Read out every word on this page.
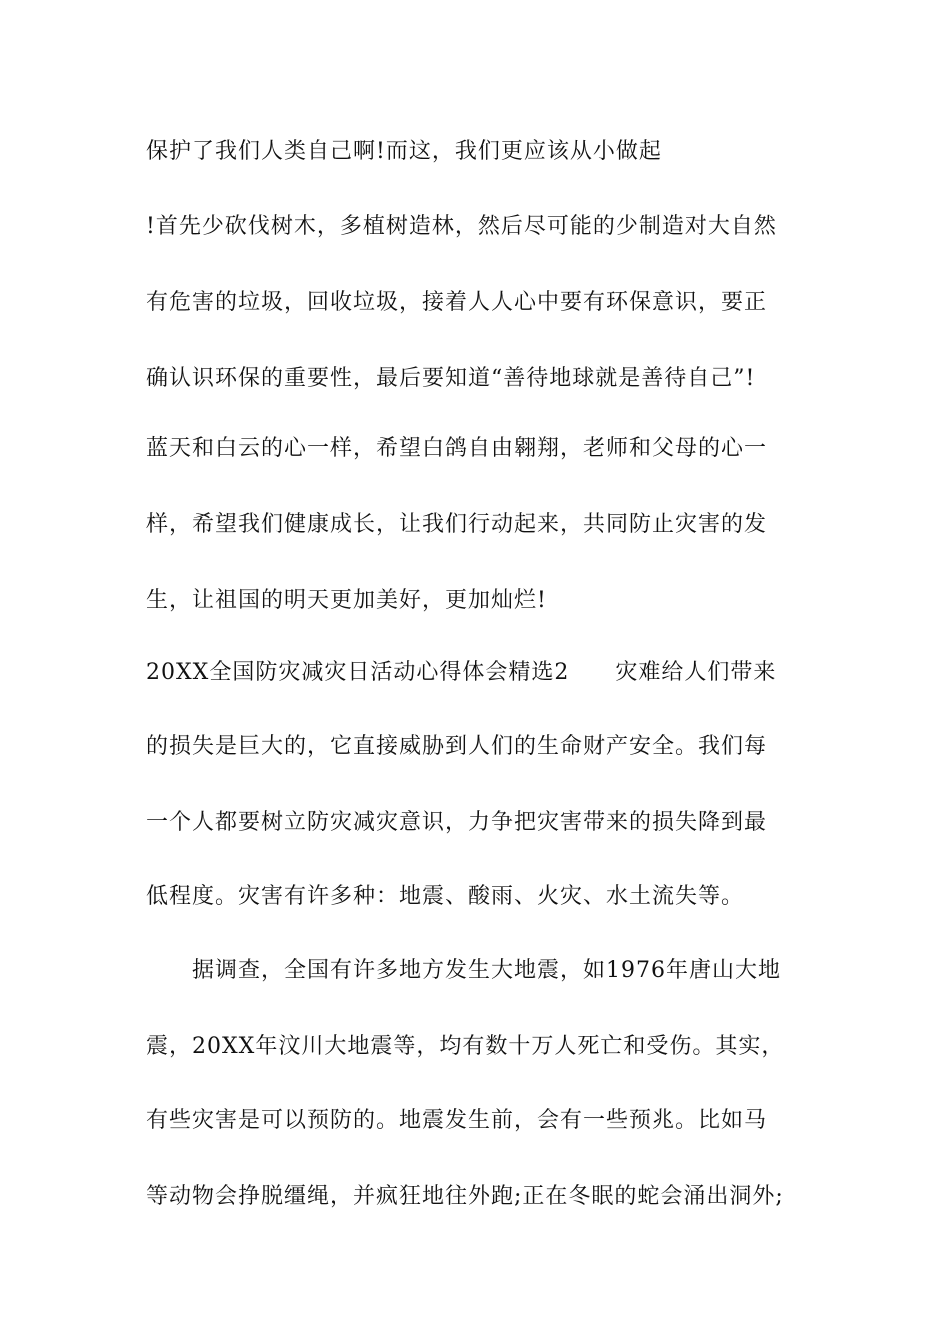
保护了我们人类自己啊!而这，我们更应该从小做起
!首先少砍伐树木，多植树造林，然后尽可能的少制造对大自然
有危害的垃圾，回收垃圾，接着人人心中要有环保意识，要正
确认识环保的重要性，最后要知道“善待地球就是善待自己”!
蓝天和白云的心一样，希望白鸽自由翱翔，老师和父母的心一
样，希望我们健康成长，让我们行动起来，共同防止灾害的发
生，让祖国的明天更加美好，更加灿烂!
20XX全国防灾减灾日活动心得体会精选2　　灾难给人们带来
的损失是巨大的，它直接威胁到人们的生命财产安全。我们每
一个人都要树立防灾减灾意识，力争把灾害带来的损失降到最
低程度。灾害有许多种：地震、酸雨、火灾、水土流失等。
据调查，全国有许多地方发生大地震，如1976年唐山大地
震，20XX年汶川大地震等，均有数十万人死亡和受伤。其实，
有些灾害是可以预防的。地震发生前，会有一些预兆。比如马
等动物会挣脱缰绳，并疯狂地往外跑;正在冬眠的蛇会涌出洞外;
